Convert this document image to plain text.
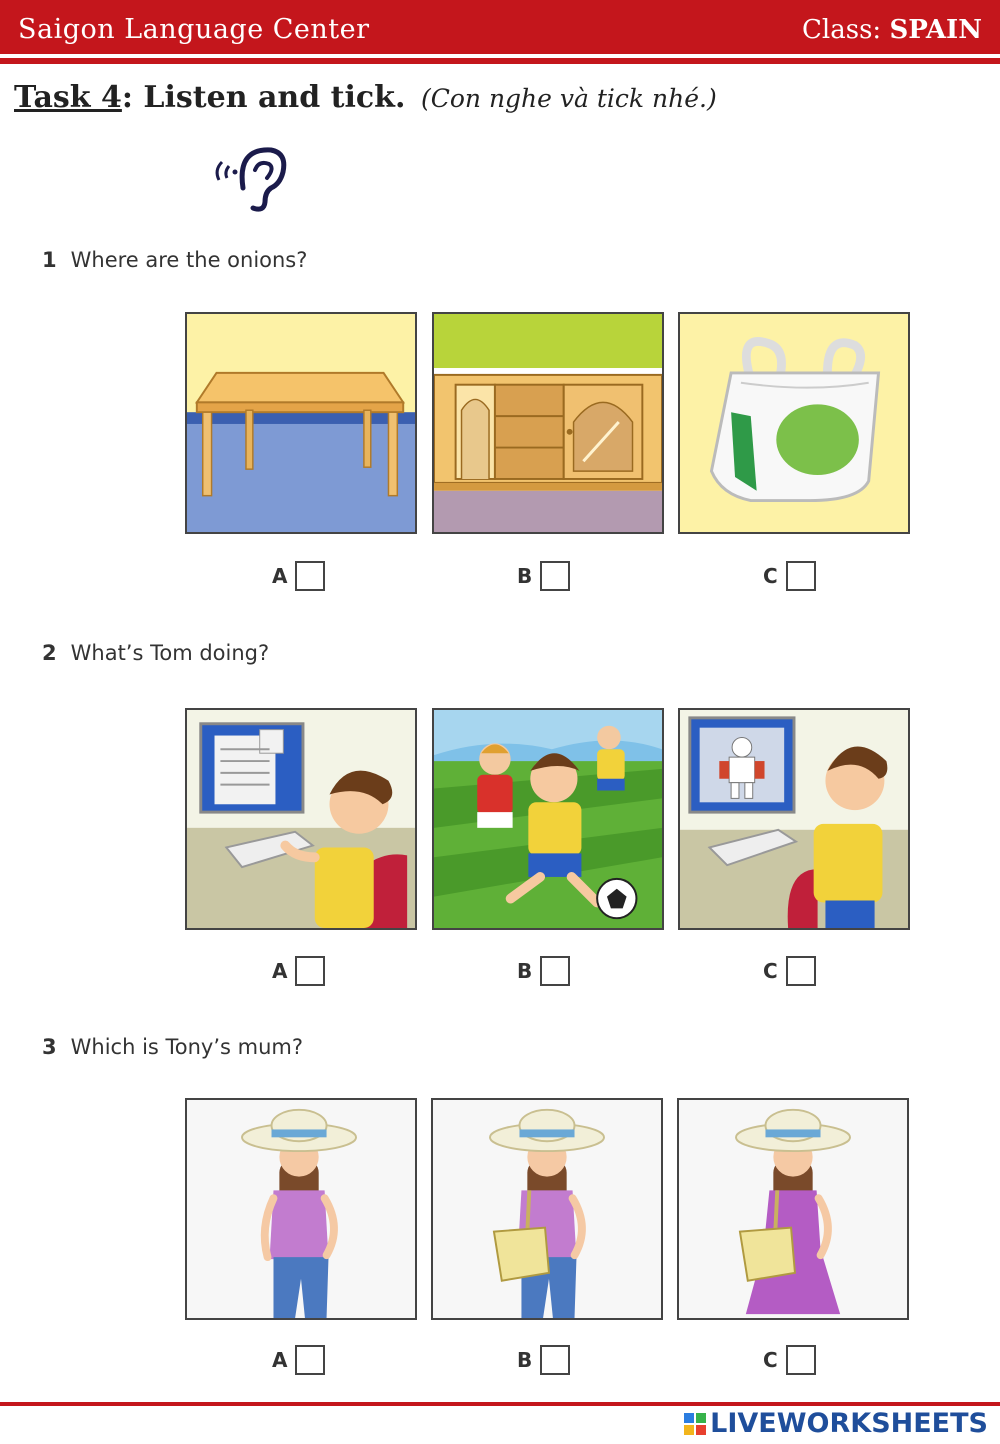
Saigon Language Center	Class: SPAIN
Task 4: Listen and tick. (Con nghe và tick nhé.)
1 Where are the onions?
A	B	C
2 What’s Tom doing?
A	B	C
3 Which is Tony’s mum?
A	B	C
LIVEWORKSHEETS
